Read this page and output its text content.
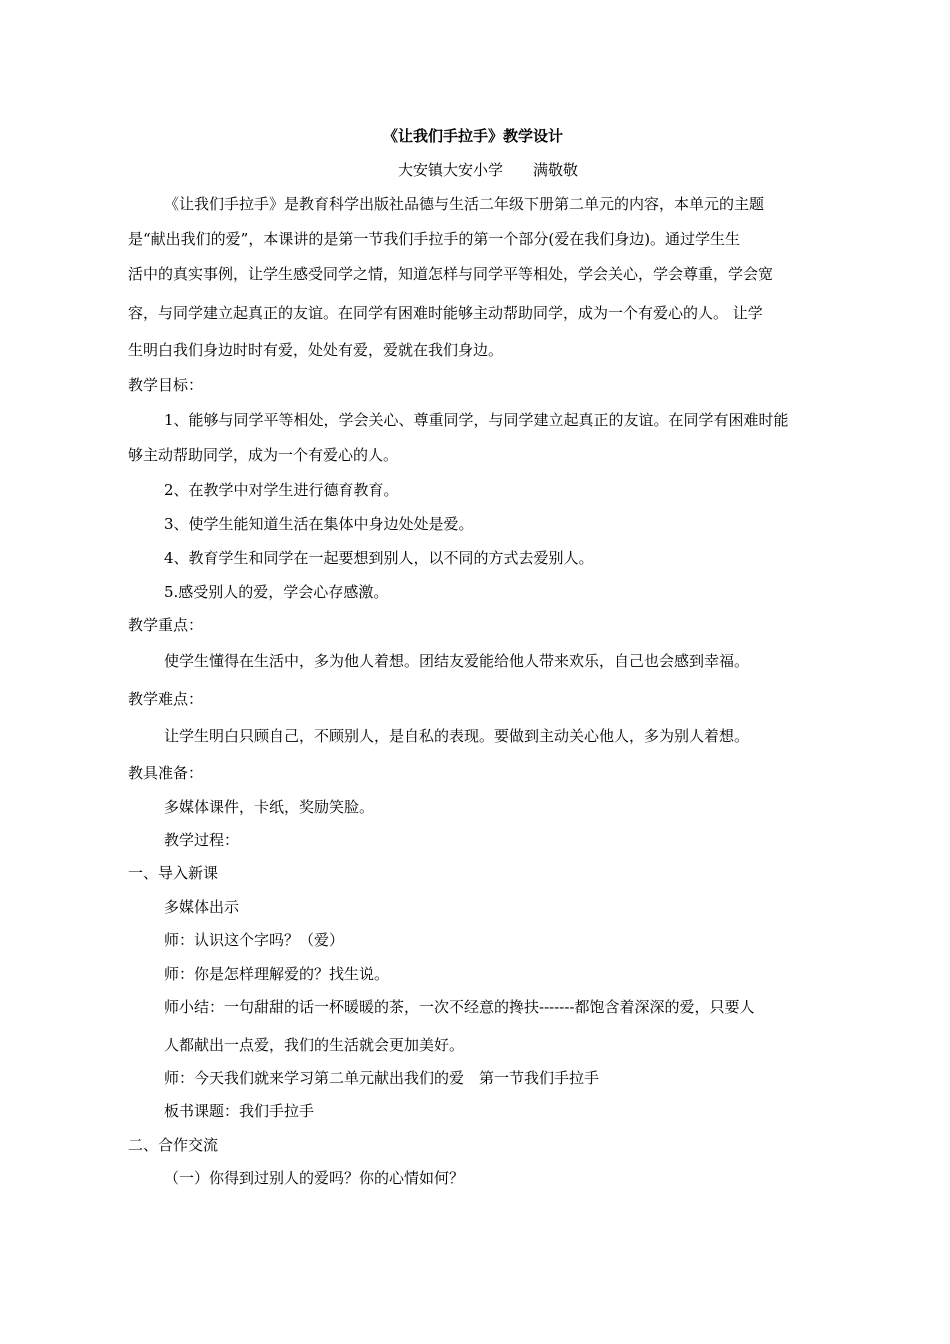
《让我们手拉手》教学设计
大安镇大安小学　　满敬敬
《让我们手拉手》是教育科学出版社品德与生活二年级下册第二单元的内容，本单元的主题
是“献出我们的爱”，本课讲的是第一节我们手拉手的第一个部分(爱在我们身边)。通过学生生
活中的真实事例，让学生感受同学之情，知道怎样与同学平等相处，学会关心，学会尊重，学会宽
容，与同学建立起真正的友谊。在同学有困难时能够主动帮助同学，成为一个有爱心的人。 让学
生明白我们身边时时有爱，处处有爱，爱就在我们身边。
教学目标：
1、能够与同学平等相处，学会关心、尊重同学，与同学建立起真正的友谊。在同学有困难时能
够主动帮助同学，成为一个有爱心的人。
2、在教学中对学生进行德育教育。
3、使学生能知道生活在集体中身边处处是爱。
4、教育学生和同学在一起要想到别人，以不同的方式去爱别人。
5.感受别人的爱，学会心存感激。
教学重点：
使学生懂得在生活中，多为他人着想。团结友爱能给他人带来欢乐，自己也会感到幸福。
教学难点：
让学生明白只顾自己，不顾别人，是自私的表现。要做到主动关心他人，多为别人着想。
教具准备：
多媒体课件，卡纸，奖励笑脸。
教学过程：
一、导入新课
多媒体出示
师：认识这个字吗？（爱）
师：你是怎样理解爱的？找生说。
师小结：一句甜甜的话一杯暖暖的茶，一次不经意的搀扶-------都饱含着深深的爱，只要人
人都献出一点爱，我们的生活就会更加美好。
师：今天我们就来学习第二单元献出我们的爱　第一节我们手拉手
板书课题：我们手拉手
二、合作交流
（一）你得到过别人的爱吗？你的心情如何？
